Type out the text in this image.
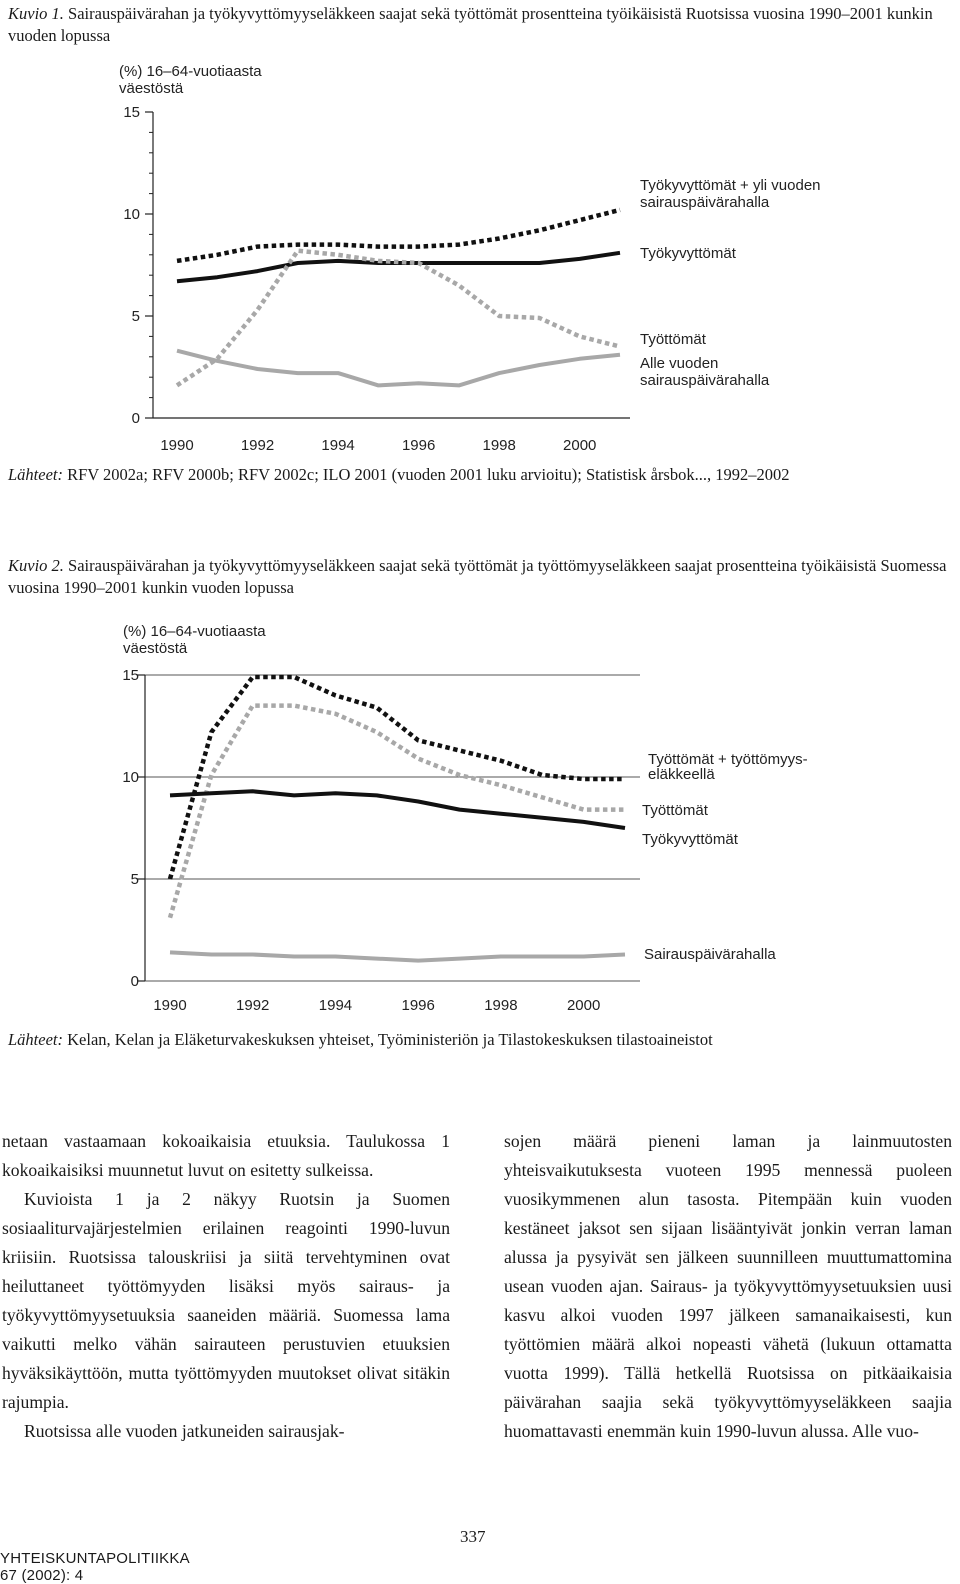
Kuvio 1. Sairauspäivärahan ja työkyvyttömyyseläkkeen saajat sekä työttömät prosentteina työikäisistä Ruotsissa vuosina 1990–2001 kunkin vuoden lopussa
(%) 16–64-vuotiaasta
väestöstä
15
10
5
0
1990	1992	1994	1996	1998	2000
Työkyvyttömät + yli vuoden
sairauspäivärahalla
Työkyvyttömät
Työttömät
Alle vuoden
sairauspäivärahalla
Lähteet: RFV 2002a; RFV 2000b; RFV 2002c; ILO 2001 (vuoden 2001 luku arvioitu); Statistisk årsbok..., 1992–2002
Kuvio 2. Sairauspäivärahan ja työkyvyttömyyseläkkeen saajat sekä työttömät ja työttömyyseläkkeen saajat prosentteina työikäisistä Suomessa vuosina 1990–2001 kunkin vuoden lopussa
(%) 16–64-vuotiaasta
väestöstä
15
10
5
0
1990	1992	1994	1996	1998	2000
Työttömät + työttömyys-
eläkkeellä
Työttömät
Työkyvyttömät
Sairauspäivärahalla
Lähteet: Kelan, Kelan ja Eläketurvakeskuksen yhteiset, Työministeriön ja Tilastokeskuksen tilastoaineistot

netaan vastaamaan kokoaikaisia etuuksia. Taulukossa 1 kokoaikaisiksi muunnetut luvut on esitetty sulkeissa.

Kuvioista 1 ja 2 näkyy Ruotsin ja Suomen sosiaaliturvajärjestelmien erilainen reagointi 1990-luvun kriisiin. Ruotsissa talouskriisi ja siitä tervehtyminen ovat heiluttaneet työttömyyden lisäksi myös sairaus- ja työkyvyttömyysetuuksia saaneiden määriä. Suomessa lama vaikutti melko vähän sairauteen perustuvien etuuksien hyväksikäyttöön, mutta työttömyyden muutokset olivat sitäkin rajumpia.

Ruotsissa alle vuoden jatkuneiden sairausjak-

sojen määrä pieneni laman ja lainmuutosten yhteisvaikutuksesta vuoteen 1995 mennessä puoleen vuosikymmenen alun tasosta. Pitempään kuin vuoden kestäneet jaksot sen sijaan lisääntyivät jonkin verran laman alussa ja pysyivät sen jälkeen suunnilleen muuttumattomina usean vuoden ajan. Sairaus- ja työkyvyttömyysetuuksien uusi kasvu alkoi vuoden 1997 jälkeen samanaikaisesti, kun työttömien määrä alkoi nopeasti vähetä (lukuun ottamatta vuotta 1999). Tällä hetkellä Ruotsissa on pitkäaikaisia päivärahan saajia sekä työkyvyttömyyseläkkeen saajia huomattavasti enemmän kuin 1990-luvun alussa. Alle vuo-

YHTEISKUNTAPOLITIIKKA
67 (2002): 4
337
